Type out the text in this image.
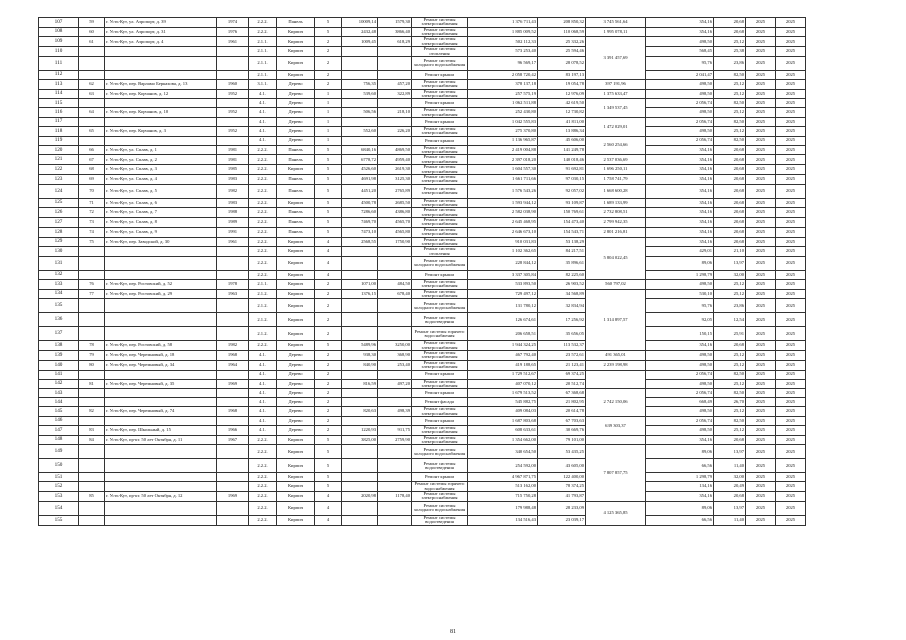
107	59	г. Усть-Кут, ул. Аэропорт, д. 39	1974	2.2.2.	Панель	5	10009,14	1579,30	Ремонт системы электроснабжения	1 376 711,43	208 850,32	3 745 561,64	354,16	20,68	2025	2025
108	60	г. Усть-Кут, ул. Аэропорт, д. 31	1976	2.2.2.	Кирпич	5	2432,48	3866,40	Ремонт системы электроснабжения	1 885 009,52	110 068,59	1 995 078,11	354,16	20,68	2025	2025
109	61	г. Усть-Кут, ул. Аэропорт, д. 4	1961	2.1.1.	Кирпич	2	1009,45	618,29	Ремонт системы электроснабжения	502 112,33	25 332,26	3 391 457,69	498,50	25,12	2025	2025
110				2.1.1.	Кирпич	2			Ремонт системы отопления	573 253,40	25 594,46		568,45	25,38	2025	2025
111				2.1.1.	Кирпич	2			Ремонт системы холодного водоснабжения	96 569,17	28 078,52		95,76	23,86	2025	2025
112				2.1.1.	Кирпич	2			Ремонт крыши	2 058 720,42	83 197,13		2 041,47	82,50	2025	2025
113	62	г. Усть-Кут, пер. Варламо Беркахова, д. 13	1960	3.1.1.	Дерево	2	756,35	457,20	Ремонт системы электроснабжения	378 137,18	19 054,78	397 191,96	498,50	25,12	2025	2025
114	63	г. Усть-Кут, пер. Корчанов, д. 12	1952	4.1.	Дерево	1	539,60	322,89	Ремонт системы электроснабжения	257 575,19	12 976,09	1 375 633,47	498,50	25,12	2025	2025
115				4.1.	Дерево	1			Ремонт крыши	1 062 511,88	42 619,50	1 349 537,45	2 056,74	82,50	2025	2025
116	64	г. Усть-Кут, пер. Корчанов, д. 10	1952	4.1.	Дерево	1	506,56	218,10	Ремонт системы электроснабжения	252 430,80	12 730,82		498,50	25,12	2025	2025
117				4.1.	Дерево	1			Ремонт крыши	1 042 555,83	41 811,00	1 472 029,01	2 056,74	82,50	2025	2025
118	65	г. Усть-Кут, пер. Корчанов, д. 3	1952	4.1.	Дерево	1	552,60	226,20	Ремонт системы электроснабжения	275 370,80	13 886,34		498,50	25,12	2025	2025
119				4.1.	Дерево	1			Ремонт крыши	1 136 965,87	45 606,00	2 560 254,66	2 056,74	82,50	2025	2025
120	66	г. Усть-Кут, ул. Сплав, д. 1	1981	2.2.2.	Панель	5	6840,16	4869,50	Ремонт системы электроснабжения	2 419 004,88	141 249,78		354,16	20,68	2025	2025
121	67	г. Усть-Кут, ул. Сплав, д. 2	1981	2.2.2.	Панель	5	6778,72	4959,40	Ремонт системы электроснабжения	2 397 018,20	140 018,46	2 537 036,69	354,16	20,68	2025	2025
122	68	г. Усть-Кут, ул. Сплав, д. 3	1985	2.2.2.	Кирпич	5	4526,60	2619,30	Ремонт системы электроснабжения	1 604 557,30	91 692,81	1 696 250,11	354,16	20,68	2025	2025
123	69	г. Усть-Кут, ул. Сплав, д. 4	1983	2.2.2.	Панель	5	4691,98	3125,30	Ремонт системы электроснабжения	1 661 711,66	97 030,15	1 758 741,79	354,16	20,68	2025	2025
124	70	г. Усть-Кут, ул. Сплав, д. 5	1982	2.2.2.	Панель	5	4451,20	2765,89	Ремонт системы электроснабжения	1 576 543,26	92 057,02	1 668 600,28	354,16	20,68	2025	2025
125	71	г. Усть-Кут, ул. Сплав, д. 6	1983	2.2.2.	Кирпич	5	4500,78	2685,50	Ремонт системы электроснабжения	1 593 944,12	93 109,87	1 689 133,99	354,16	20,68	2025	2025
126	72	г. Усть-Кут, ул. Сплав, д. 7	1988	2.2.2.	Панель	5	7286,60	4386,80	Ремонт системы электроснабжения	2 582 038,90	150 769,61	2 732 808,51	354,16	20,68	2025	2025
127	73	г. Усть-Кут, ул. Сплав, д. 8	1989	2.2.2.	Панель	5	7469,70	4565,70	Ремонт системы электроснабжения	2 645 468,95	154 473,40	2 799 942,35	354,16	20,68	2025	2025
128	74	г. Усть-Кут, ул. Сплав, д. 9	1991	2.2.2.	Панель	5	7473,10	4565,80	Ремонт системы электроснабжения	2 646 673,10	154 543,71	2 801 216,81	354,16	20,68	2025	2025
129	75	г. Усть-Кут, пер. Заводской, д. 30	1961	2.2.2.	Кирпич	4	2568,55	1750,90	Ремонт системы электроснабжения	910 031,83	53 138,29	5 804 022,45	354,16	20,68	2025	2025
130				2.2.2.	Кирпич	4			Ремонт системы отопления	1 102 362,65	84 217,51		429,01	21,10	2025	2025
131				2.2.2.	Кирпич	4			Ремонт системы холодного водоснабжения	228 844,12	35 896,61		89,06	13,97	2025	2025
132				2.2.2.	Кирпич	4			Ремонт крыши	3 337 305,84	82 225,60		1 298,79	32,00	2025	2025
133	76	г. Усть-Кут, пер. Ростовский, д. 52	1978	2.1.1.	Кирпич	2	1071,00	484,50	Ремонт системы электроснабжения	533 893,50	26 903,52	560 797,02	498,50	25,12	2025	2025
134	77	г. Усть-Кут, пер. Ростовский, д. 29	1963	2.1.2.	Кирпич	2	1376,15	678,40	Ремонт системы электроснабжения	729 497,12	34 568,89	1 314 897,57	530,10	25,12	2025	2025
135				2.1.2.	Кирпич	2			Ремонт системы холодного водоснабжения	131 780,12	32 834,94		95,76	23,86	2025	2025
136				2.1.2.	Кирпич	2			Ремонт системы водоотведения	126 674,61	17 256,92		92,05	12,54	2025	2025
137				2.1.2.	Кирпич	2			Ремонт системы горячего водоснабжения	206 658,51	35 656,05		150,15	25,91	2025	2025
138	78	г. Усть-Кут, пер. Ростовский, д. 58	1982	2.2.2.	Кирпич	5	5489,96	3250,00	Ремонт системы электроснабжения	1 944 324,25	113 532,37		354,16	20,68	2025	2025
139	79	г. Усть-Кут, пер. Черемновый, д. 18	1968	4.1.	Дерево	2	938,30	368,90	Ремонт системы электроснабжения	467 792,40	23 572,61	491 365,01	498,50	25,12	2025	2025
140	80	г. Усть-Кут, пер. Черемновый, д. 34	1964	4.1.	Дерево	2	840,90	253,40	Ремонт системы электроснабжения	419 188,65	21 123,41	2 239 198,98	498,50	25,12	2025	2025
141				4.1.	Дерево	2			Ремонт крыши	1 729 512,67	69 374,25		2 056,74	82,50	2025	2025
142	81	г. Усть-Кут, пер. Черемновый, д. 35	1969	4.1.	Дерево	2	816,59	497,20	Ремонт системы электроснабжения	407 070,12	20 512,74		498,50	25,12	2025	2025
143				4.1.	Дерево	2			Ремонт крыши	1 679 513,52	67 368,68	2 742 150,06	2 056,74	82,50	2025	2025
144				4.1.	Дерево	2			Ремонт фасада	545 882,75	21 802,95		668,49	26,70	2025	2025
145	82	г. Усть-Кут, пер. Черемновый, д. 74	1968	4.1.	Дерево	2	820,63	498,39	Ремонт системы электроснабжения	409 084,03	20 614,78		498,50	25,12	2025	2025
146				4.1.	Дерево	2			Ремонт крыши	1 687 803,68	67 703,63	639 303,37	2 056,74	82,50	2025	2025
147	83	г. Усть-Кут, пер. Школьный, д. 15	1966	4.1.	Дерево	2	1220,93	911,75	Ремонт системы электроснабжения	608 633,61	30 669,76		498,50	25,12	2025	2025
148	84	г. Усть-Кут, пр-кт. 50 лет Октября, д. 11	1967	2.2.2.	Кирпич	5	3825,00	2759,90	Ремонт системы электроснабжения	1 354 662,00	79 101,00		354,16	20,68	2025	2025
149				2.2.2.	Кирпич	5			Ремонт системы холодного водоснабжения	340 654,50	53 435,25	7 807 857,75	89,06	13,97	2025	2025
150				2.2.2.	Кирпич	5			Ремонт системы водоотведения	254 592,00	43 605,00		66,56	11,40	2025	2025
151				2.2.2.	Кирпич	5			Ремонт крыши	4 967 871,75	122 400,00		1 298,79	32,00	2025	2025
152				2.2.2.	Кирпич	5			Ремонт системы горячего водоснабжения	513 162,00	78 374,25		134,16	20,49	2025	2025
153	85	г. Усть-Кут, пр-кт. 50 лет Октября, д. 12	1969	2.2.2.	Кирпич	4	2020,98	1178,40	Ремонт системы электроснабжения	715 750,28	41 793,87		354,16	20,68	2025	2025
154				2.2.2.	Кирпич	4			Ремонт системы холодного водоснабжения	179 988,48	28 233,09	4 125 365,85	89,06	13,97	2025	2025
155				2.2.2.	Кирпич	4			Ремонт системы водоотведения	134 516,43	23 039,17		66,56	11,40	2025	2025
81
